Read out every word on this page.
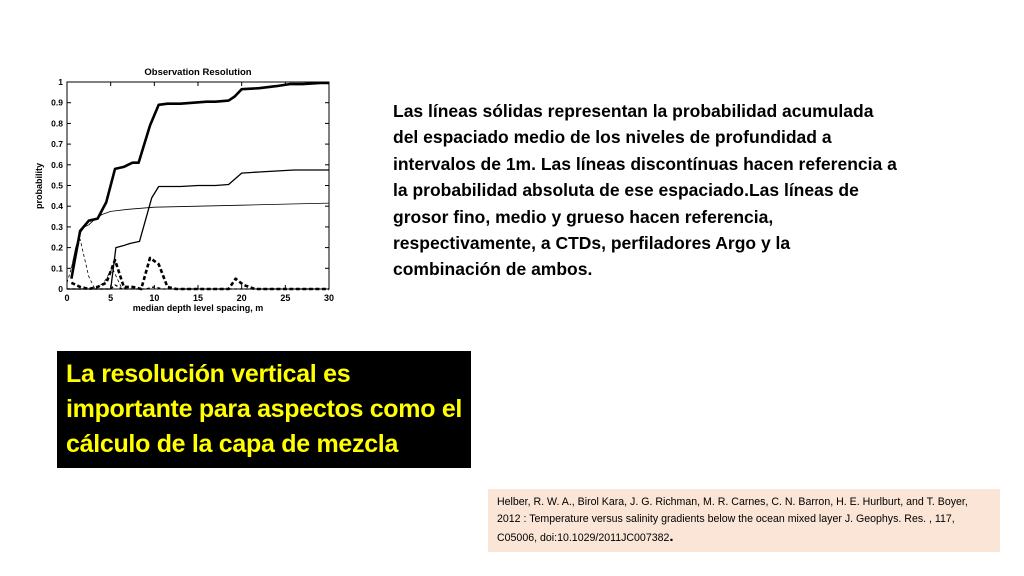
Observation Resolution
0	5	10	15	20	25	30
0
0.1
0.2
0.3
0.4
0.5
0.6
0.7
0.8
0.9
1
median depth level spacing, m
probability

Las líneas sólidas representan la probabilidad acumulada del espaciado medio de los niveles de profundidad a intervalos de 1m. Las líneas discontínuas hacen referencia a la probabilidad absoluta de ese espaciado.Las líneas de grosor fino, medio y grueso hacen referencia, respectivamente, a CTDs, perfiladores Argo y la combinación de ambos.

La resolución vertical es importante para aspectos como el cálculo de la capa de mezcla
Helber, R. W. A., Birol Kara, J. G. Richman, M. R. Carnes, C. N. Barron, H. E. Hurlburt, and T. Boyer, 2012 : Temperature versus salinity gradients below the ocean mixed layer J. Geophys. Res. , 117, C05006, doi:10.1029/2011JC007382.
